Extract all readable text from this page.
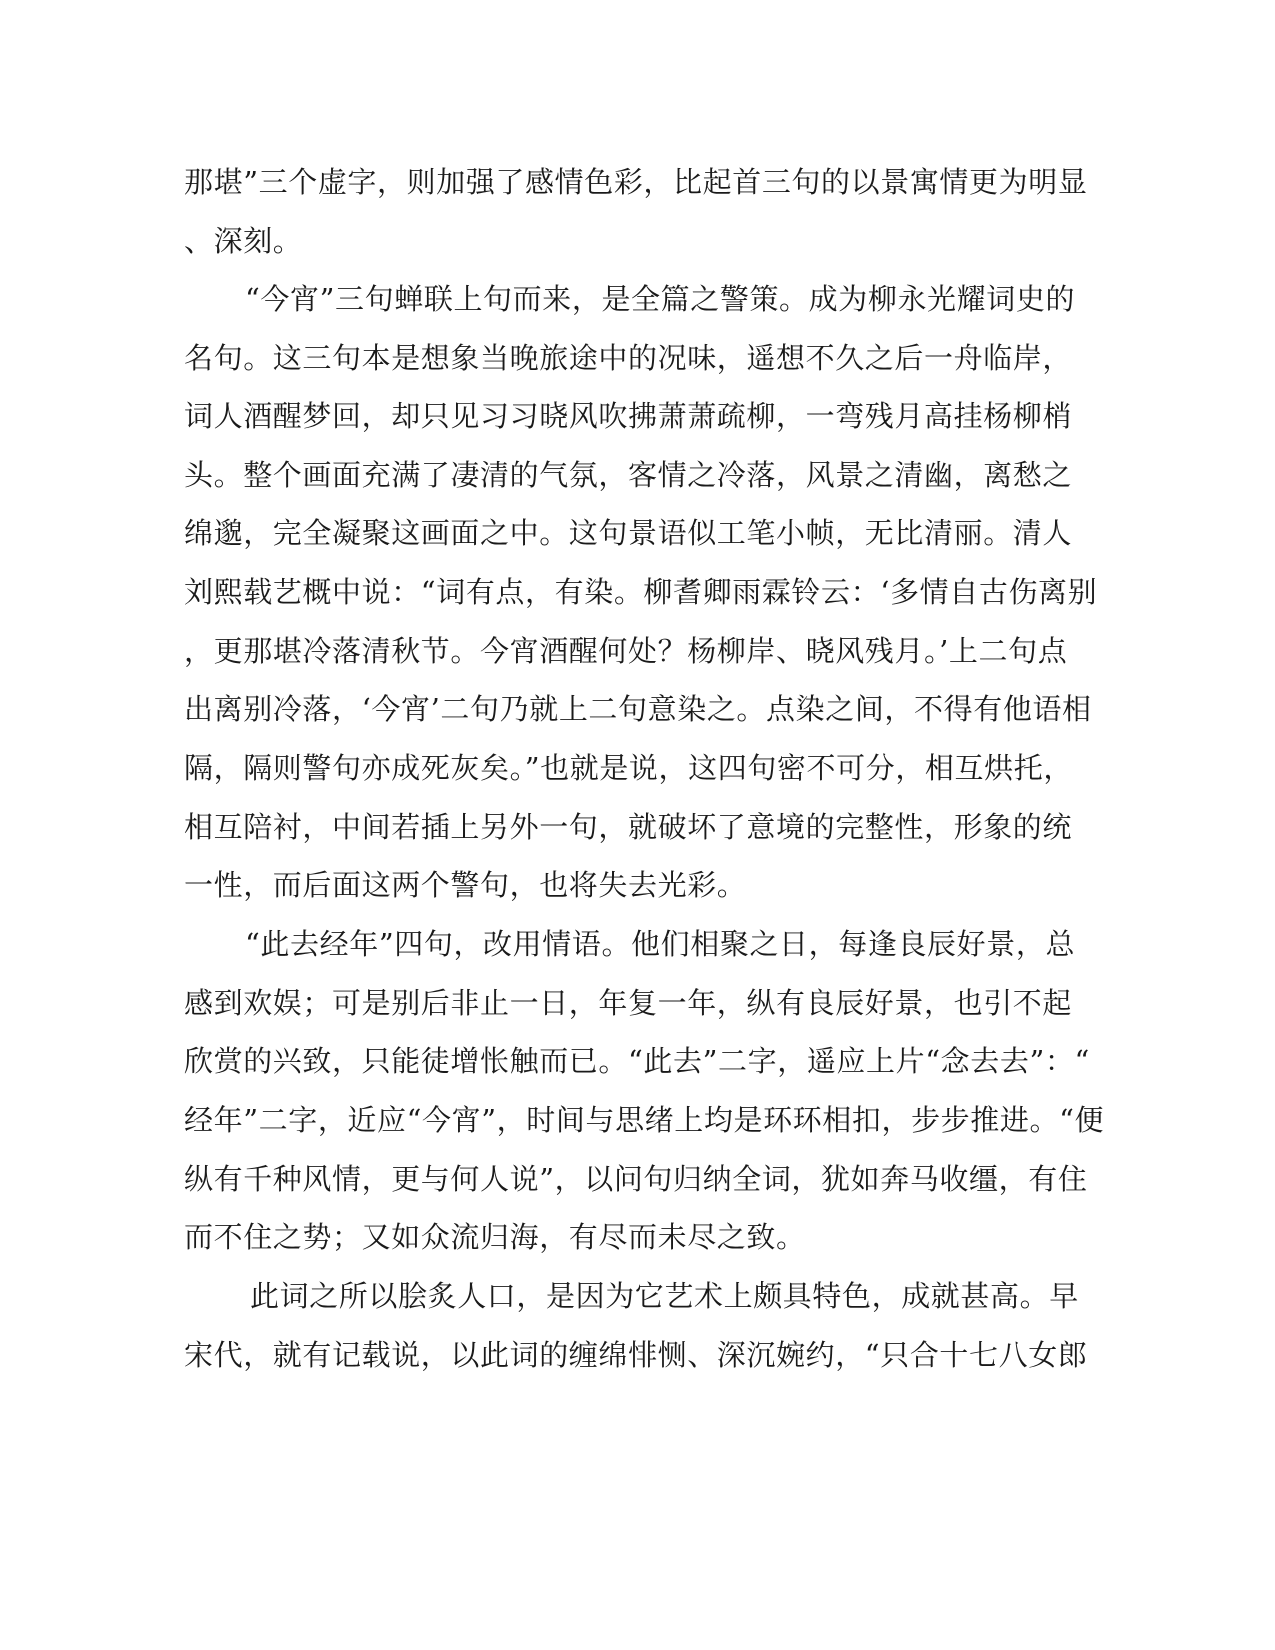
那堪”三个虚字，则加强了感情色彩，比起首三句的以景寓情更为明显
、深刻。
“今宵”三句蝉联上句而来，是全篇之警策。成为柳永光耀词史的
名句。这三句本是想象当晚旅途中的况味，遥想不久之后一舟临岸，
词人酒醒梦回，却只见习习晓风吹拂萧萧疏柳，一弯残月高挂杨柳梢
头。整个画面充满了凄清的气氛，客情之冷落，风景之清幽，离愁之
绵邈，完全凝聚这画面之中。这句景语似工笔小帧，无比清丽。清人
刘熙载艺概中说：“词有点，有染。柳耆卿雨霖铃云：‘多情自古伤离别
，更那堪冷落清秋节。今宵酒醒何处？杨柳岸、晓风残月。’上二句点
出离别冷落，‘今宵’二句乃就上二句意染之。点染之间，不得有他语相
隔，隔则警句亦成死灰矣。”也就是说，这四句密不可分，相互烘托，
相互陪衬，中间若插上另外一句，就破坏了意境的完整性，形象的统
一性，而后面这两个警句，也将失去光彩。
“此去经年”四句，改用情语。他们相聚之日，每逢良辰好景，总
感到欢娱；可是别后非止一日，年复一年，纵有良辰好景，也引不起
欣赏的兴致，只能徒增怅触而已。“此去”二字，遥应上片“念去去”：“
经年”二字，近应“今宵”，时间与思绪上均是环环相扣，步步推进。“便
纵有千种风情，更与何人说”，以问句归纳全词，犹如奔马收缰，有住
而不住之势；又如众流归海，有尽而未尽之致。
此词之所以脍炙人口，是因为它艺术上颇具特色，成就甚高。早
宋代，就有记载说，以此词的缠绵悱恻、深沉婉约，“只合十七八女郎
